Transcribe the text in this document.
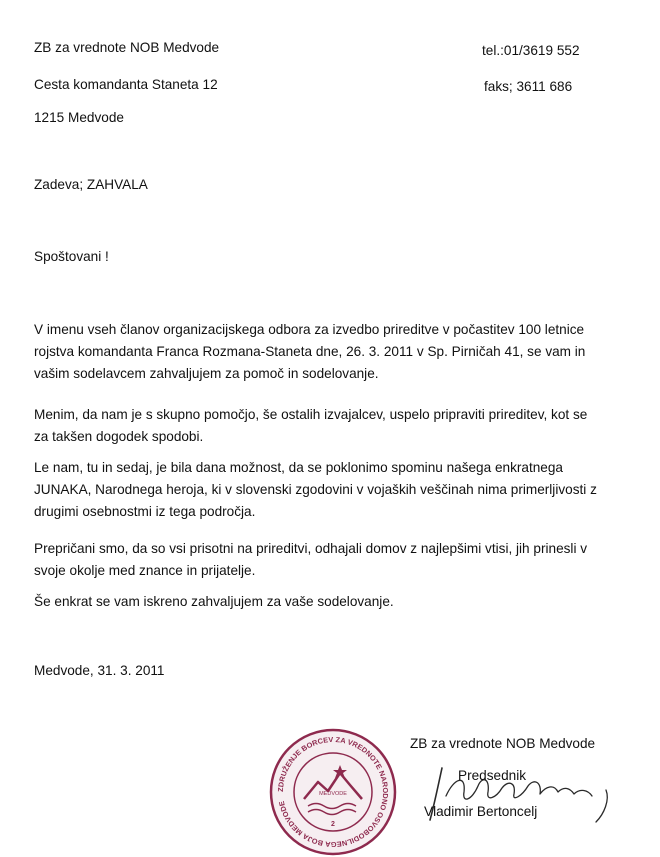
ZB za vrednote NOB Medvode
Cesta komandanta Staneta 12
1215 Medvode
tel.:01/3619 552
faks; 3611 686
Zadeva; ZAHVALA
Spoštovani !
V imenu vseh članov organizacijskega odbora za izvedbo prireditve v počastitev 100 letnice
rojstva komandanta Franca Rozmana-Staneta dne, 26. 3. 2011 v Sp. Pirničah 41, se vam in
vašim sodelavcem zahvaljujem za pomoč in sodelovanje.
Menim, da nam je s skupno pomočjo, še ostalih izvajalcev, uspelo pripraviti prireditev, kot se
za takšen dogodek spodobi.
Le nam, tu in sedaj, je bila dana možnost, da se poklonimo spominu našega enkratnega
JUNAKA, Narodnega heroja, ki v slovenski zgodovini v vojaških veščinah nima primerljivosti z
drugimi osebnostmi iz tega področja.
Prepričani smo, da so vsi prisotni na prireditvi, odhajali domov z najlepšimi vtisi, jih prinesli v
svoje okolje med znance in prijatelje.
Še enkrat se vam iskreno zahvaljujem za vaše sodelovanje.
Medvode, 31. 3. 2011
ZDRUŽENJE BORCEV ZA VREDNOTE NARODNO OSVOBODILNEGA BOJA MEDVODE
MEDVODE
2
ZB za vrednote NOB Medvode
Predsednik
Vladimir Bertoncelj
